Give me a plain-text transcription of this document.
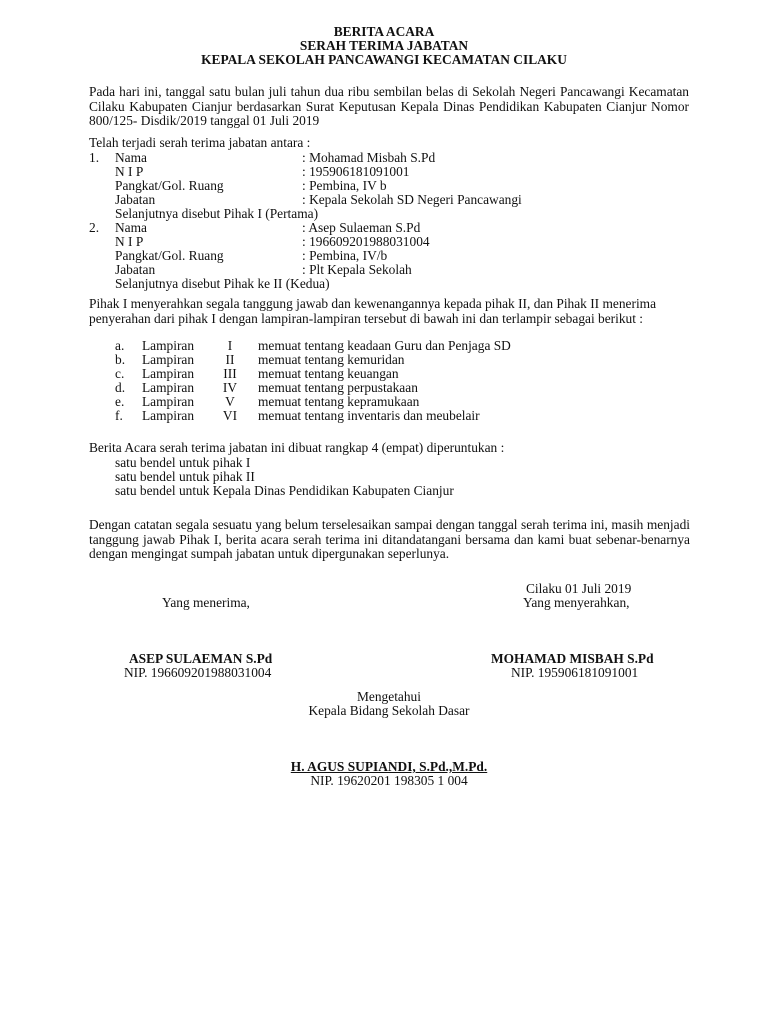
BERITA ACARA
SERAH TERIMA JABATAN
KEPALA SEKOLAH PANCAWANGI KECAMATAN CILAKU
Pada hari ini, tanggal satu bulan juli tahun dua ribu sembilan belas di Sekolah Negeri Pancawangi Kecamatan Cilaku Kabupaten Cianjur berdasarkan Surat Keputusan Kepala Dinas Pendidikan Kabupaten Cianjur Nomor 800/125- Disdik/2019 tanggal 01 Juli 2019
Telah terjadi serah terima jabatan antara :
1. Nama	: Mohamad Misbah S.Pd
N I P	: 195906181091001
Pangkat/Gol. Ruang	: Pembina, IV b
Jabatan	: Kepala Sekolah SD Negeri Pancawangi
Selanjutnya disebut Pihak I (Pertama)
2. Nama	: Asep Sulaeman S.Pd
N I P	: 196609201988031004
Pangkat/Gol. Ruang	: Pembina, IV/b
Jabatan	: Plt Kepala Sekolah
Selanjutnya disebut Pihak ke II (Kedua)
Pihak I menyerahkan segala tanggung jawab dan kewenangannya kepada pihak II, dan Pihak II menerima penyerahan dari pihak I dengan lampiran-lampiran tersebut di bawah ini dan terlampir sebagai berikut :
a. Lampiran	I	memuat tentang keadaan Guru dan Penjaga SD
b. Lampiran	II	memuat tentang kemuridan
c. Lampiran	III	memuat tentang keuangan
d. Lampiran	IV	memuat tentang perpustakaan
e. Lampiran	V	memuat tentang kepramukaan
f. Lampiran	VI	memuat tentang inventaris dan meubelair
Berita Acara serah terima jabatan ini dibuat rangkap 4 (empat) diperuntukan :
satu bendel untuk pihak I
satu bendel untuk pihak II
satu bendel untuk Kepala Dinas Pendidikan Kabupaten Cianjur
Dengan catatan segala sesuatu yang belum terselesaikan sampai dengan tanggal serah terima ini, masih menjadi tanggung jawab Pihak I, berita acara serah terima ini ditandatangani bersama dan kami buat sebenar-benarnya dengan mengingat sumpah jabatan untuk dipergunakan seperlunya.
Cilaku 01 Juli 2019
Yang menerima,	Yang menyerahkan,
ASEP SULAEMAN S.Pd
NIP. 196609201988031004
MOHAMAD MISBAH S.Pd
NIP. 195906181091001
Mengetahui
Kepala Bidang Sekolah Dasar
H. AGUS SUPIANDI, S.Pd.,M.Pd.
NIP. 19620201 198305 1 004
